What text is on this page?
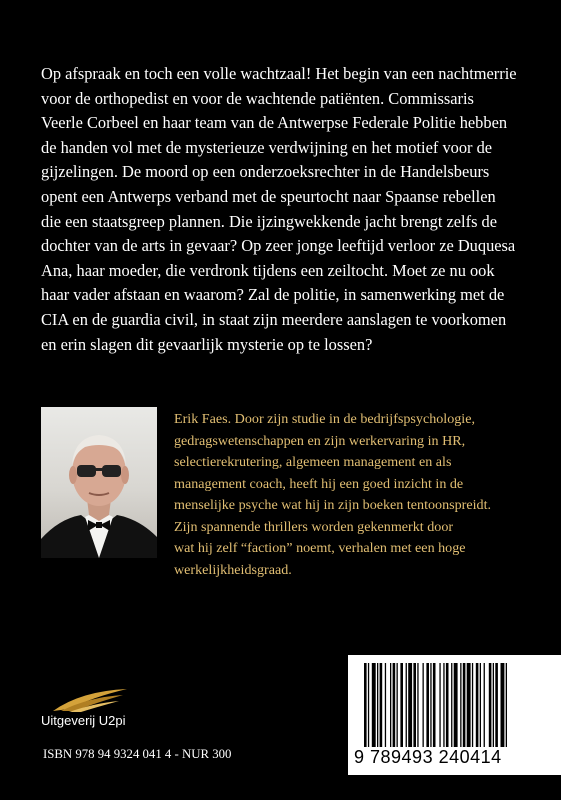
Op afspraak en toch een volle wachtzaal! Het begin van een nachtmerrie
voor de orthopedist en voor de wachtende patiënten. Commissaris
Veerle Corbeel en haar team van de Antwerpse Federale Politie hebben
de handen vol met de mysterieuze verdwijning en het motief voor de
gijzelingen. De moord op een onderzoeksrechter in de Handelsbeurs
opent een Antwerps verband met de speurtocht naar Spaanse rebellen
die een staatsgreep plannen. Die ijzingwekkende jacht brengt zelfs de
dochter van de arts in gevaar? Op zeer jonge leeftijd verloor ze Duquesa
Ana, haar moeder, die verdronk tijdens een zeiltocht. Moet ze nu ook
haar vader afstaan en waarom? Zal de politie, in samenwerking met de
CIA en de guardia civil, in staat zijn meerdere aanslagen te voorkomen
en erin slagen dit gevaarlijk mysterie op te lossen?
Erik Faes. Door zijn studie in de bedrijfspsychologie,
gedragswetenschappen en zijn werkervaring in HR,
selectierekrutering, algemeen management en als
management coach, heeft hij een goed inzicht in de
menselijke psyche wat hij in zijn boeken tentoonspreidt.
Zijn spannende thrillers worden gekenmerkt door
wat hij zelf “faction” noemt, verhalen met een hoge
werkelijkheidsgraad.
Uitgeverij U2pi
ISBN 978 94 9324 041 4 - NUR 300	9 789493 240414
